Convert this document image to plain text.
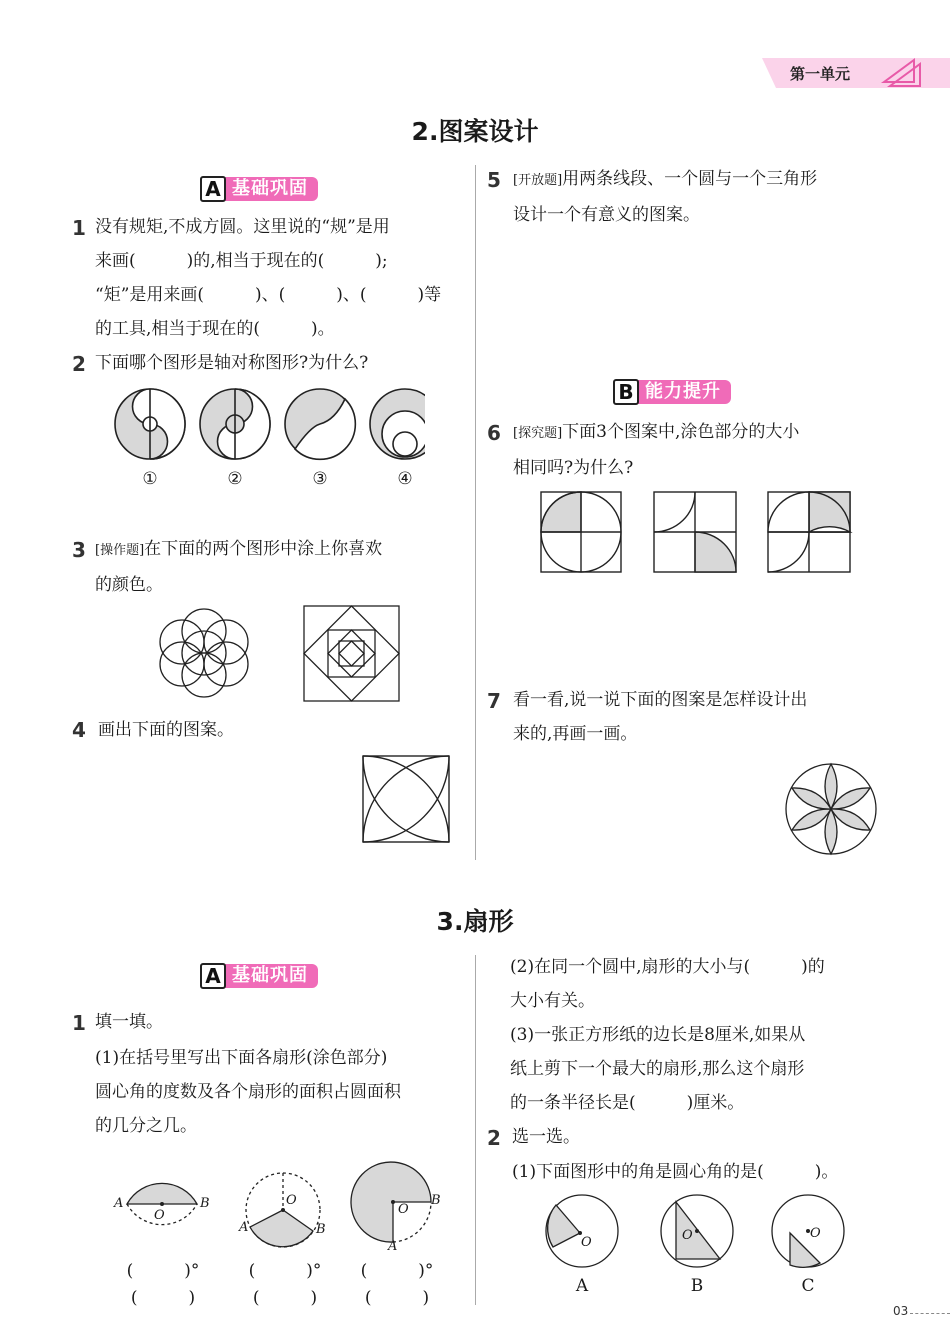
第一单元
2.图案设计
A 基础巩固
1 没有规矩,不成方圆。这里说的“规”是用
来画(　　　)的,相当于现在的(　　　);
“矩”是用来画(　　　)、(　　　)、(　　　)等
的工具,相当于现在的(　　　)。
2 下面哪个图形是轴对称图形?为什么?
①	②	③	④
3 [操作题]在下面的两个图形中涂上你喜欢
的颜色。
4 画出下面的图案。
5 [开放题]用两条线段、一个圆与一个三角形
设计一个有意义的图案。
B 能力提升
6 [探究题]下面3个图案中,涂色部分的大小
相同吗?为什么?
7 看一看,说一说下面的图案是怎样设计出
来的,再画一画。
3.扇形
A 基础巩固
1 填一填。
(1)在括号里写出下面各扇形(涂色部分)
圆心角的度数及各个扇形的面积占圆面积
的几分之几。
A	B
O
O
A	B
O
B
A
(　　　)°
(　　　)
(　　　)°
(　　　)
(　　　)°
(　　　)
(2)在同一个圆中,扇形的大小与(　　　)的
大小有关。
(3)一张正方形纸的边长是8厘米,如果从
纸上剪下一个最大的扇形,那么这个扇形
的一条半径长是(　　　)厘米。
2 选一选。
(1)下面图形中的角是圆心角的是(　　　)。
O	O	O
A	B	C
03
